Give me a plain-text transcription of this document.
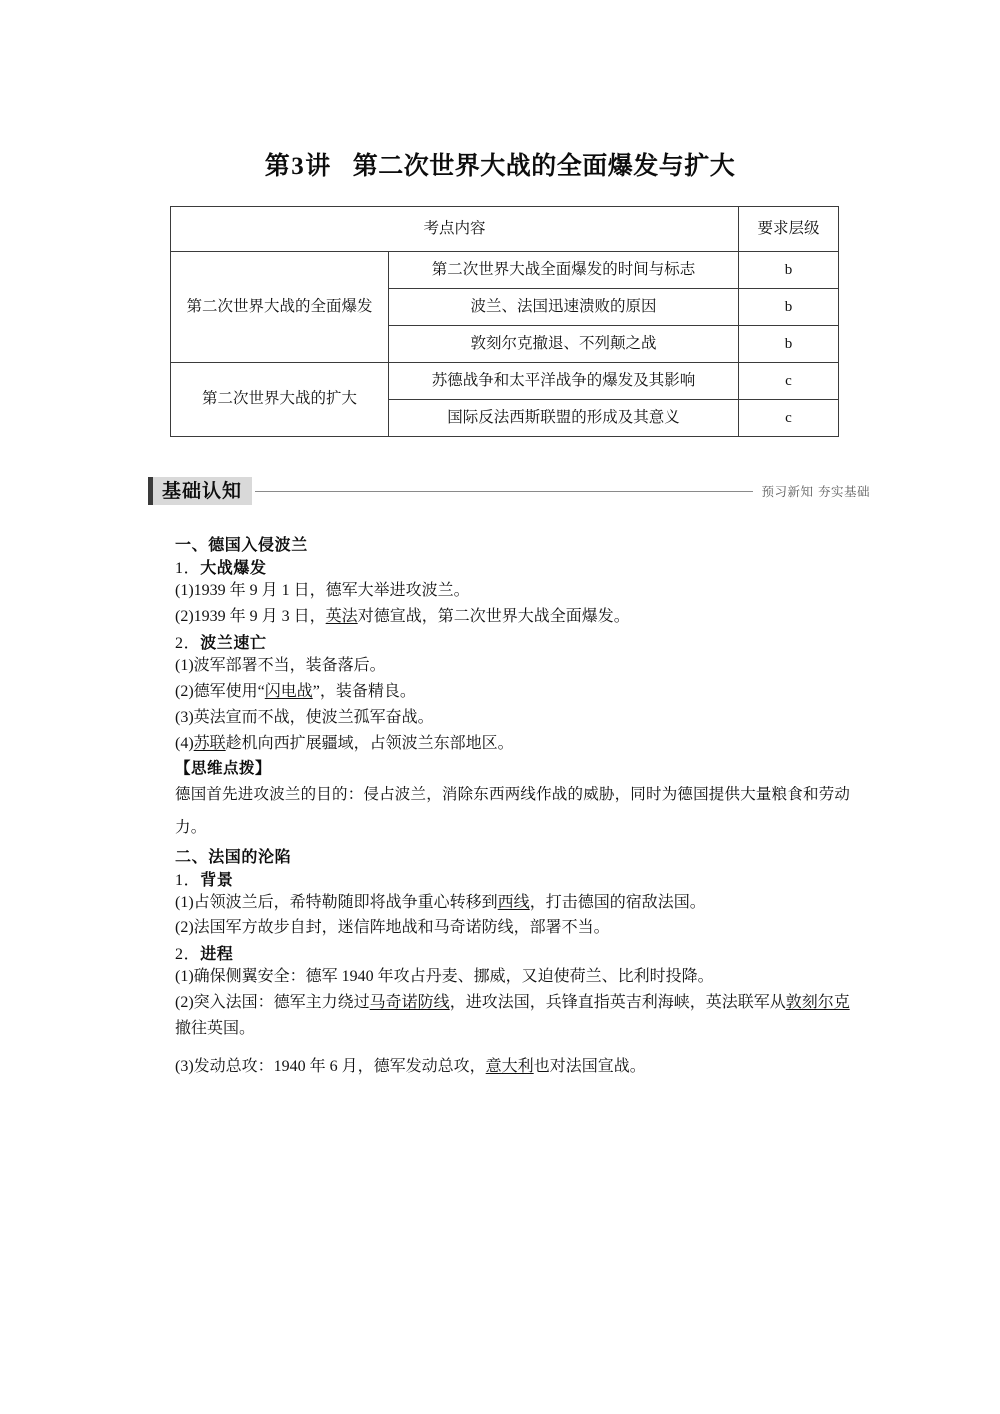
第3讲 第二次世界大战的全面爆发与扩大
考点内容		要求层级
第二次世界大战的全面爆发	第二次世界大战全面爆发的时间与标志	b
	波兰、法国迅速溃败的原因	b
	敦刻尔克撤退、不列颠之战	b
第二次世界大战的扩大	苏德战争和太平洋战争的爆发及其影响	c
	国际反法西斯联盟的形成及其意义	c
基础认知	预习新知 夯实基础

一、德国入侵波兰

1．大战爆发

(1)1939 年 9 月 1 日，德军大举进攻波兰。

(2)1939 年 9 月 3 日，英法对德宣战，第二次世界大战全面爆发。

2．波兰速亡

(1)波军部署不当，装备落后。

(2)德军使用“闪电战”，装备精良。

(3)英法宣而不战，使波兰孤军奋战。

(4)苏联趁机向西扩展疆域，占领波兰东部地区。

【思维点拨】

德国首先进攻波兰的目的：侵占波兰，消除东西两线作战的威胁，同时为德国提供大量粮食和劳动力。

二、法国的沦陷

1．背景

(1)占领波兰后，希特勒随即将战争重心转移到西线，打击德国的宿敌法国。

(2)法国军方故步自封，迷信阵地战和马奇诺防线，部署不当。

2．进程

(1)确保侧翼安全：德军 1940 年攻占丹麦、挪威，又迫使荷兰、比利时投降。

(2)突入法国：德军主力绕过马奇诺防线，进攻法国，兵锋直指英吉利海峡，英法联军从敦刻尔克撤往英国。

(3)发动总攻：1940 年 6 月，德军发动总攻，意大利也对法国宣战。
